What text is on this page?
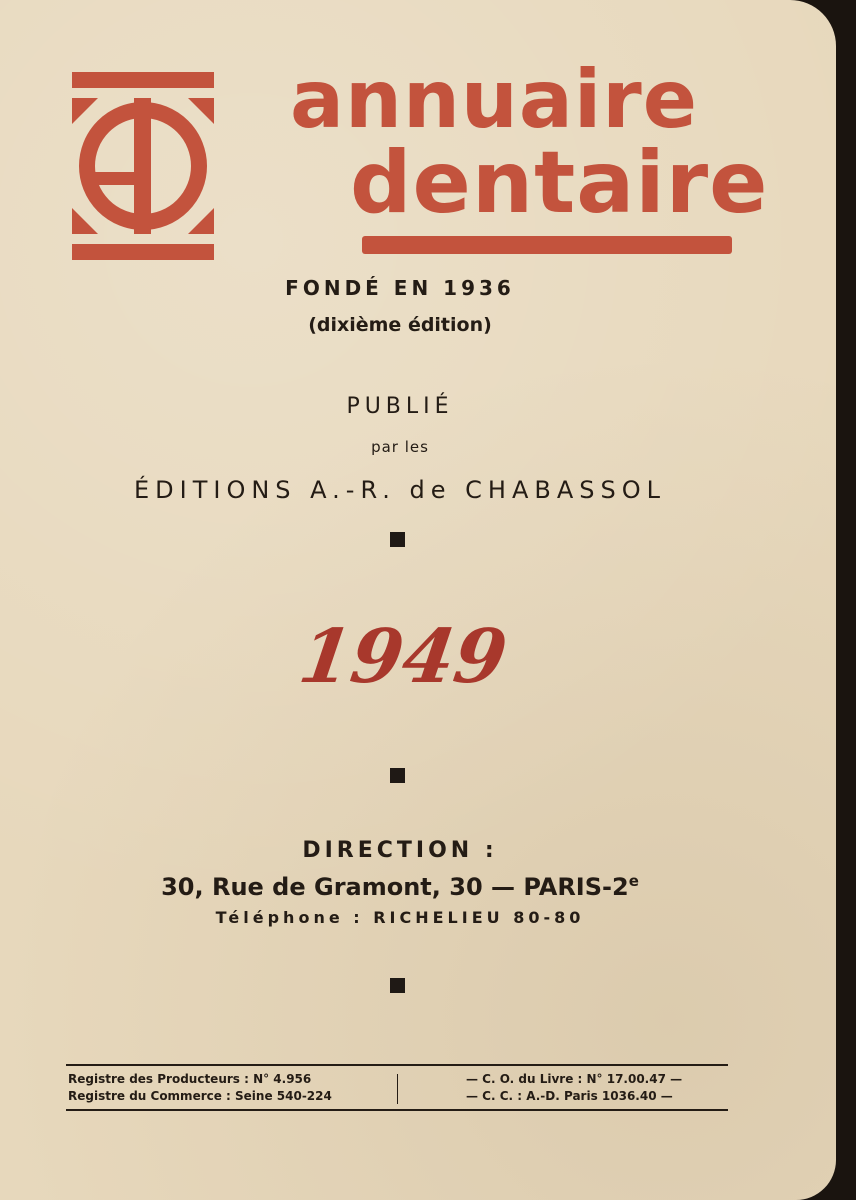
annuaire
dentaire
FONDÉ EN 1936
(dixième édition)
PUBLIÉ
par les
ÉDITIONS A.-R. de CHABASSOL
1949
DIRECTION :
30, Rue de Gramont, 30 — PARIS-2e
Téléphone : RICHELIEU 80-80
Registre des Producteurs : N° 4.956
Registre du Commerce : Seine 540-224
— C. O. du Livre : N° 17.00.47 —
— C. C. : A.-D. Paris 1036.40 —
